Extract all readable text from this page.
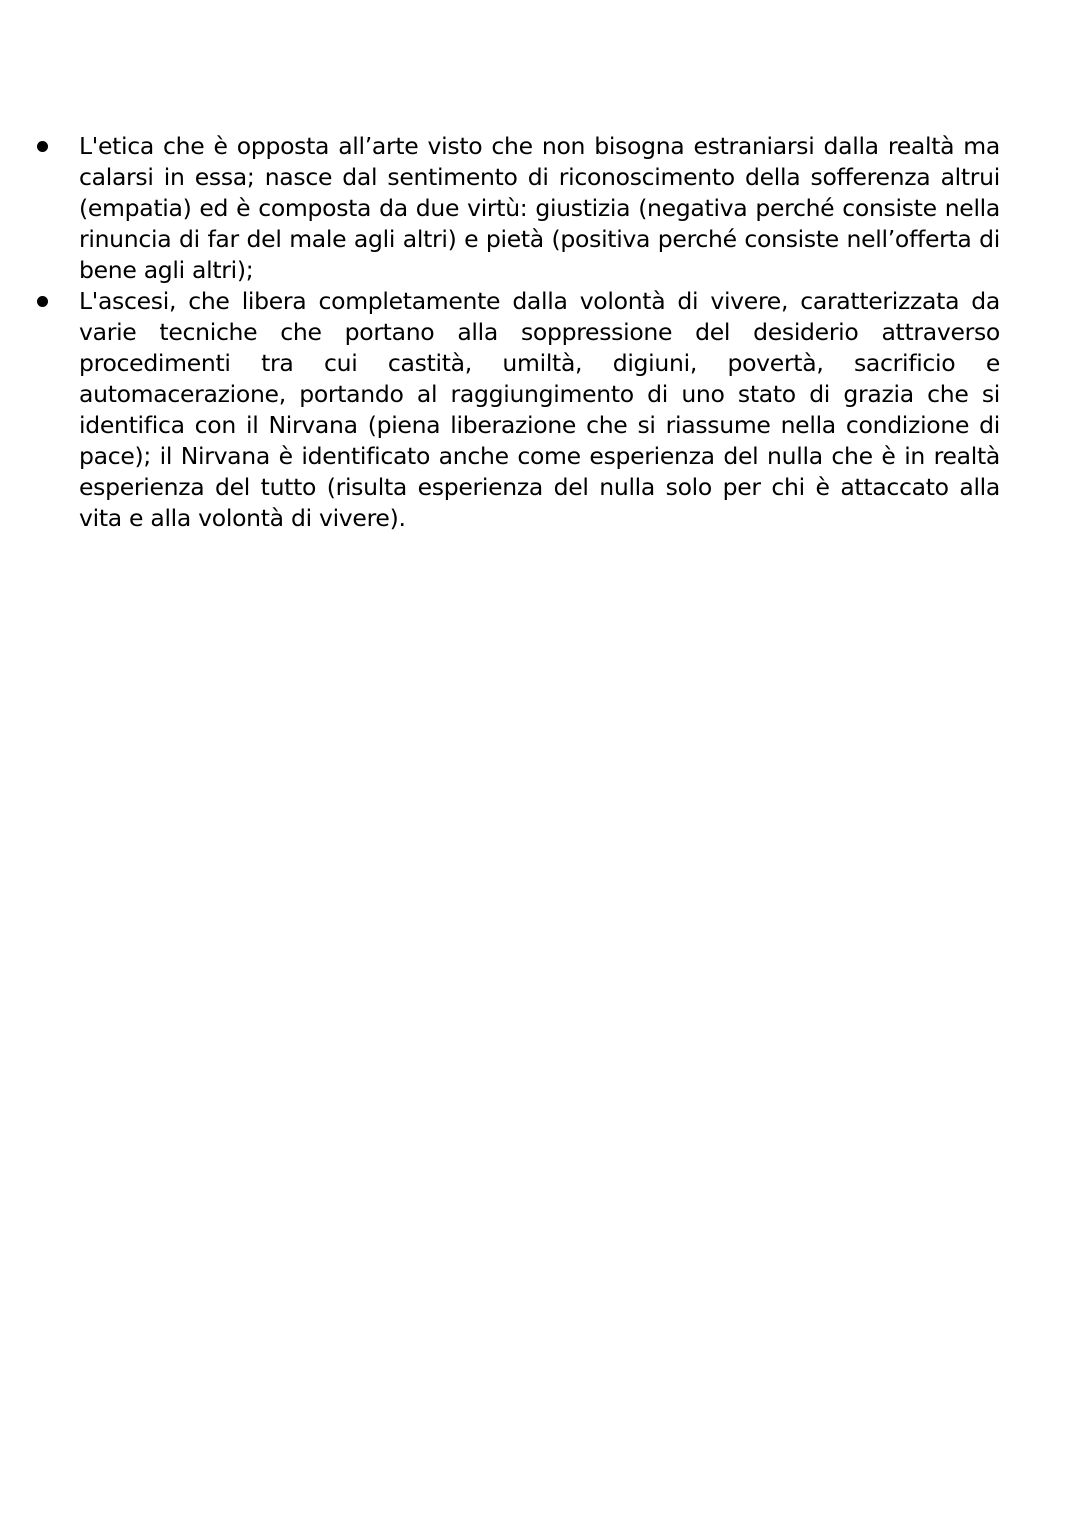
L'etica che è opposta all’arte visto che non bisogna estraniarsi dalla realtà ma calarsi in essa; nasce dal sentimento di riconoscimento della sofferenza altrui (empatia) ed è composta da due virtù: giustizia (negativa perché consiste nella rinuncia di far del male agli altri) e pietà (positiva perché consiste nell’offerta di bene agli altri);
L'ascesi, che libera completamente dalla volontà di vivere, caratterizzata da varie tecniche che portano alla soppressione del desiderio attraverso procedimenti tra cui castità, umiltà, digiuni, povertà, sacrificio e automacerazione, portando al raggiungimento di uno stato di grazia che si identifica con il Nirvana (piena liberazione che si riassume nella condizione di pace); il Nirvana è identificato anche come esperienza del nulla che è in realtà esperienza del tutto (risulta esperienza del nulla solo per chi è attaccato alla vita e alla volontà di vivere).
